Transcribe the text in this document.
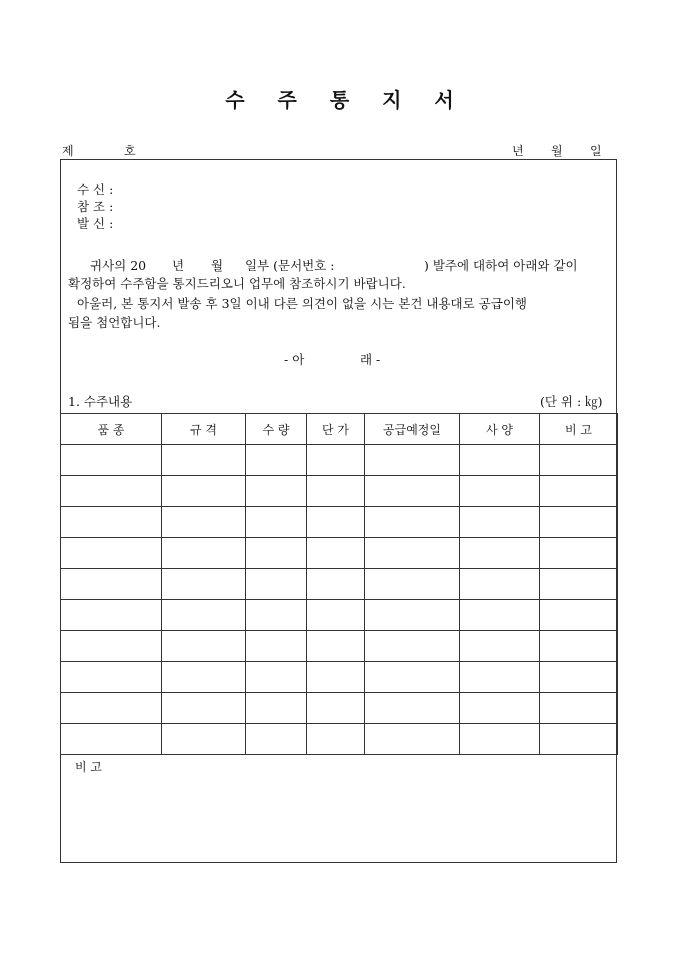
수 주 통 지 서
제	호	년 월 일
수 신 :
참 조 :
발 신 :
귀사의 20 년 월 일부 (문서번호 :	) 발주에 대하여 아래와 같이
확정하여 수주함을 통지드리오니 업무에 참조하시기 바랍니다.
아울러, 본 통지서 발송 후 3일 이내 다른 의견이 없을 시는 본건 내용대로 공급이행
됨을 첨언합니다.
- 아	래 -
1. 수주내용	(단 위 : ㎏)
품 종	규 격	수 량	단 가	공급예정일	사 양	비 고

비 고
